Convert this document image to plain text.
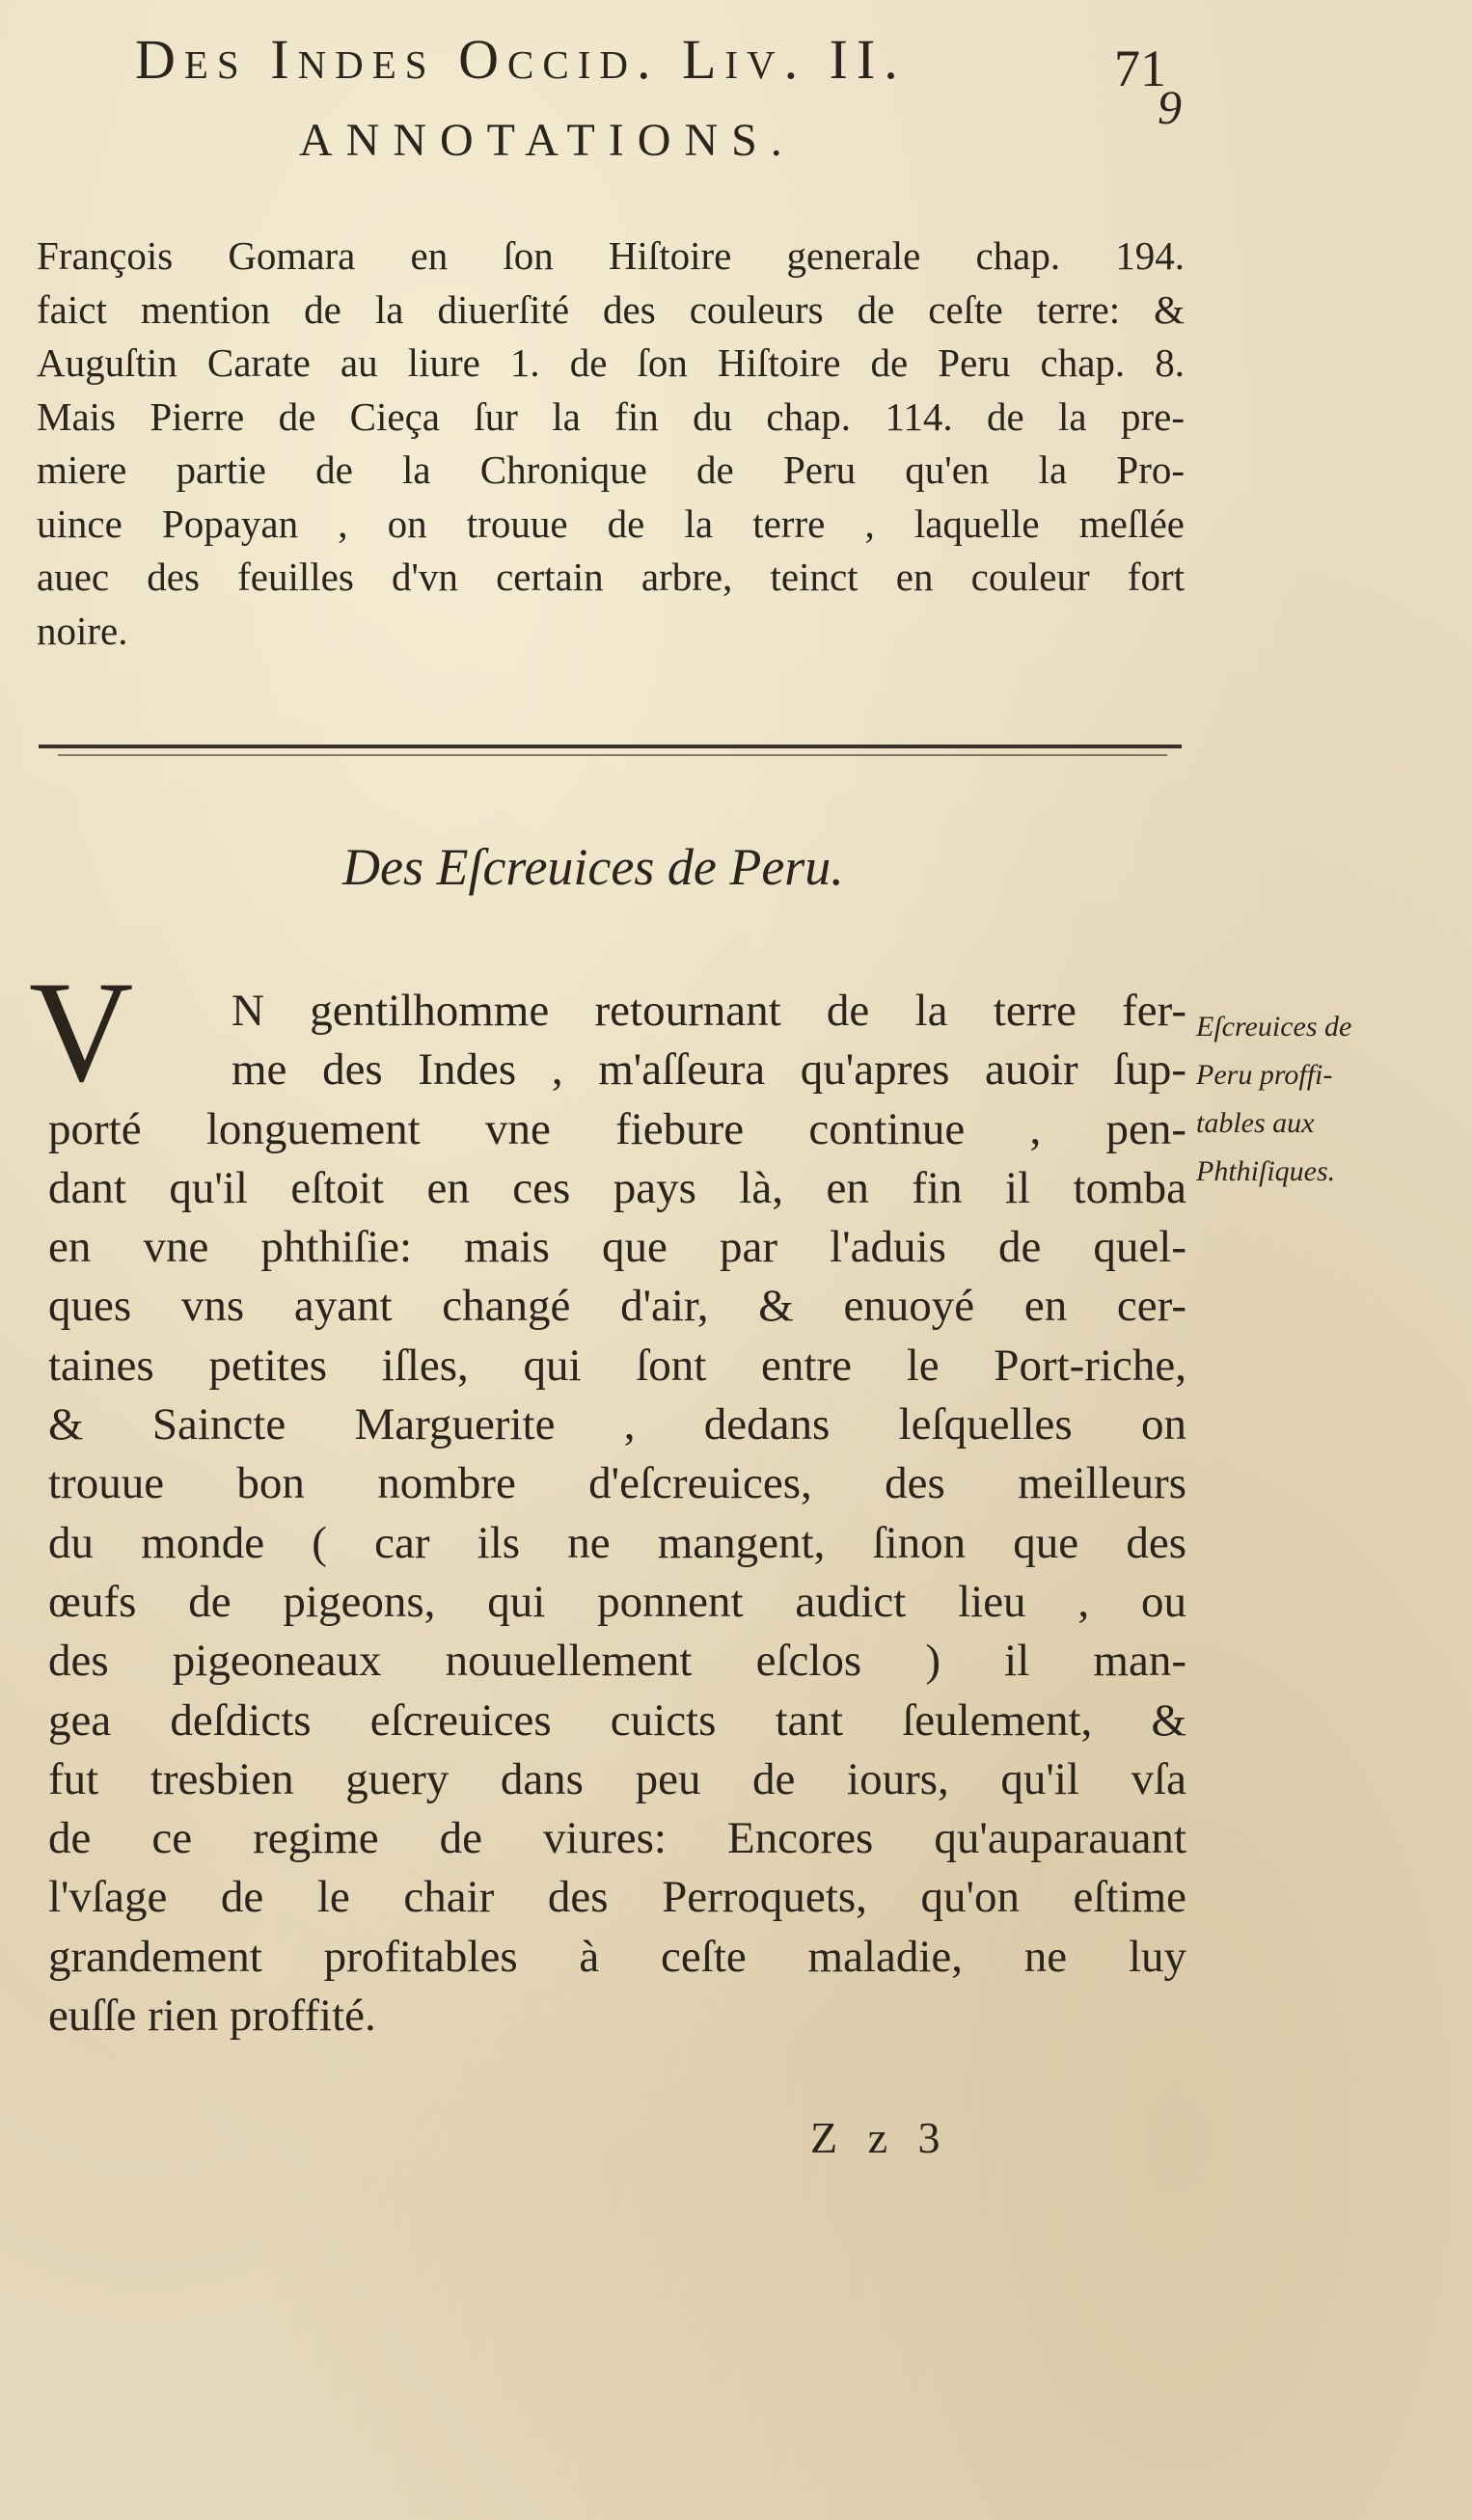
Des Indes Occid. Liv. II.	71
9
ANNOTATIONS.
François Gomara en ſon Hiſtoire generale chap. 194.
faict mention de la diuerſité des couleurs de ceſte terre: &
Auguſtin Carate au liure 1. de ſon Hiſtoire de Peru chap. 8.
Mais Pierre de Cieça ſur la fin du chap. 114. de la pre-
miere partie de la Chronique de Peru qu'en la Pro-
uince Popayan , on trouue de la terre , laquelle meſlée
auec des feuilles d'vn certain arbre, teinct en couleur fort
noire.
Des Eſcreuices de Peru.
V	N gentilhomme retournant de la terre fer-
me des Indes , m'aſſeura qu'apres auoir ſup-
porté longuement vne fiebure continue , pen-
dant qu'il eſtoit en ces pays là, en fin il tomba
en vne phthiſie: mais que par l'aduis de quel-
ques vns ayant changé d'air, & enuoyé en cer-
taines petites iſles, qui ſont entre le Port-riche,
& Saincte Marguerite , dedans leſquelles on
trouue bon nombre d'eſcreuices, des meilleurs
du monde ( car ils ne mangent, ſinon que des
œufs de pigeons, qui ponnent audict lieu , ou
des pigeoneaux nouuellement eſclos ) il man-
gea deſdicts eſcreuices cuicts tant ſeulement, &
fut tresbien guery dans peu de iours, qu'il vſa
de ce regime de viures: Encores qu'auparauant
l'vſage de le chair des Perroquets, qu'on eſtime
grandement profitables à ceſte maladie, ne luy
euſſe rien proffité.
Eſcreuices de
Peru proffi-
tables aux
Phthiſiques.
Z z 3
